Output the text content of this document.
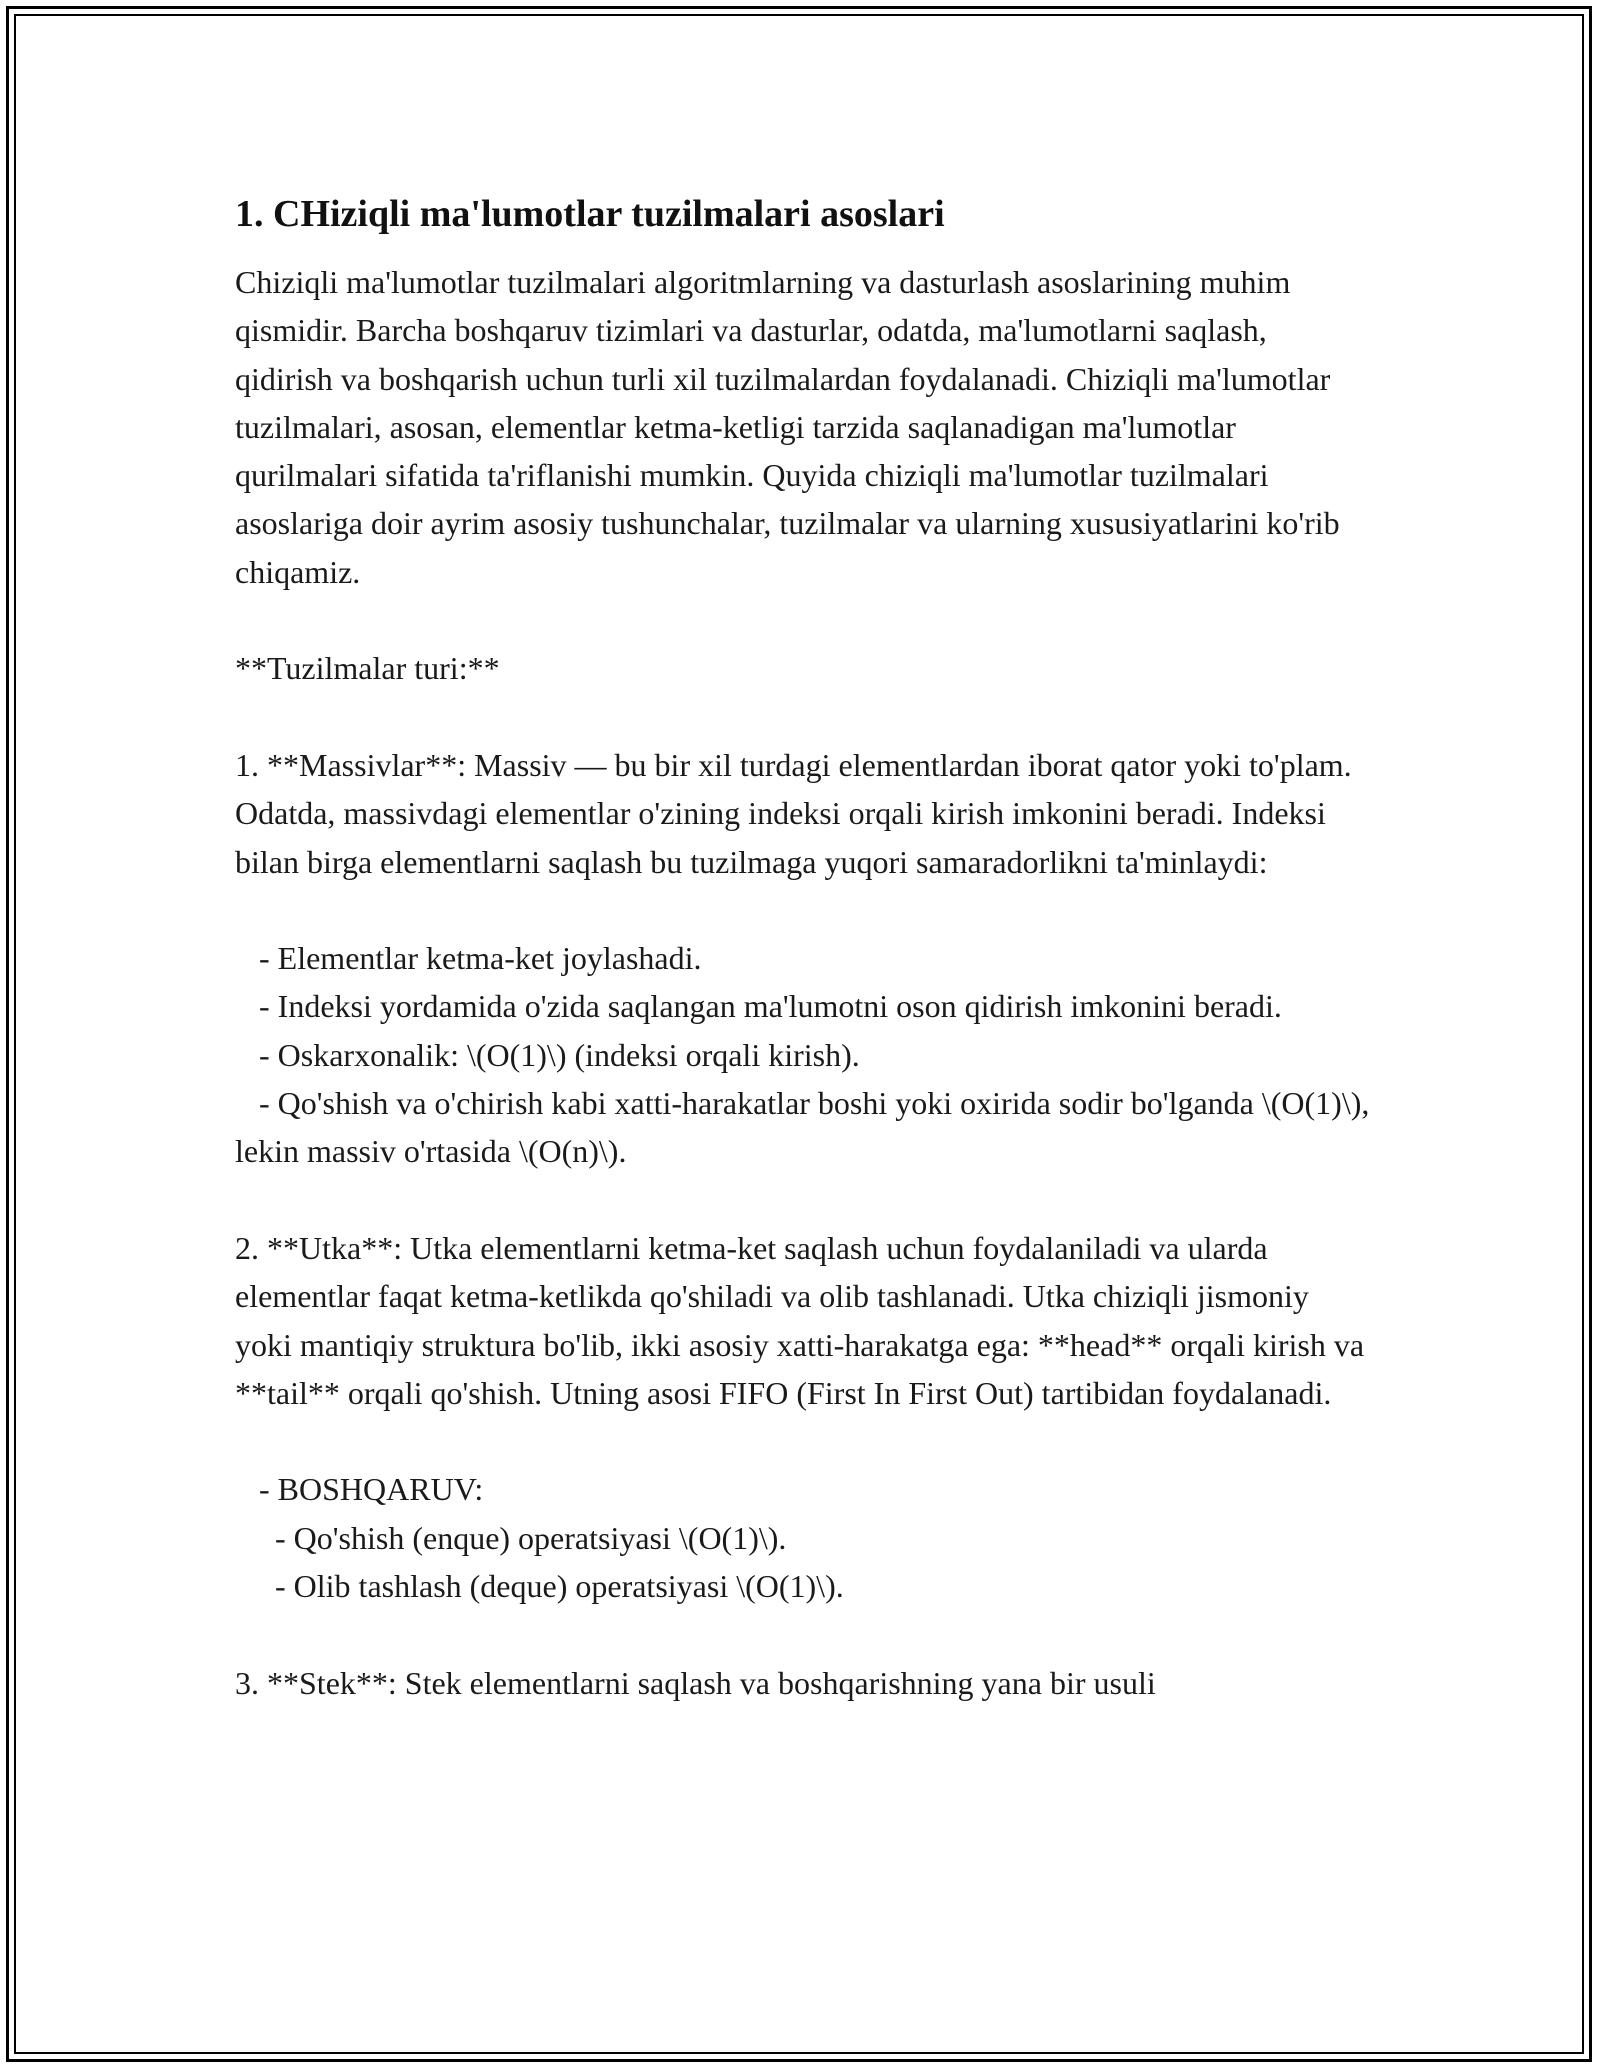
1. CHiziqli ma'lumotlar tuzilmalari asoslari

Chiziqli ma'lumotlar tuzilmalari algoritmlarning va dasturlash asoslarining muhim qismidir. Barcha boshqaruv tizimlari va dasturlar, odatda, ma'lumotlarni saqlash, qidirish va boshqarish uchun turli xil tuzilmalardan foydalanadi. Chiziqli ma'lumotlar tuzilmalari, asosan, elementlar ketma-ketligi tarzida saqlanadigan ma'lumotlar qurilmalari sifatida ta'riflanishi mumkin. Quyida chiziqli ma'lumotlar tuzilmalari asoslariga doir ayrim asosiy tushunchalar, tuzilmalar va ularning xususiyatlarini ko'rib chiqamiz.

**Tuzilmalar turi:**

1. **Massivlar**: Massiv — bu bir xil turdagi elementlardan iborat qator yoki to'plam. Odatda, massivdagi elementlar o'zining indeksi orqali kirish imkonini beradi. Indeksi bilan birga elementlarni saqlash bu tuzilmaga yuqori samaradorlikni ta'minlaydi:

- Elementlar ketma-ket joylashadi.

- Indeksi yordamida o'zida saqlangan ma'lumotni oson qidirish imkonini beradi.

- Oskarxonalik: \(O(1)\) (indeksi orqali kirish).

- Qo'shish va o'chirish kabi xatti-harakatlar boshi yoki oxirida sodir bo'lganda \(O(1)\), lekin massiv o'rtasida \(O(n)\).

2. **Utka**: Utka elementlarni ketma-ket saqlash uchun foydalaniladi va ularda elementlar faqat ketma-ketlikda qo'shiladi va olib tashlanadi. Utka chiziqli jismoniy yoki mantiqiy struktura bo'lib, ikki asosiy xatti-harakatga ega: **head** orqali kirish va **tail** orqali qo'shish. Utning asosi FIFO (First In First Out) tartibidan foydalanadi.

- BOSHQARUV:

- Qo'shish (enque) operatsiyasi \(O(1)\).

- Olib tashlash (deque) operatsiyasi \(O(1)\).

3. **Stek**: Stek elementlarni saqlash va boshqarishning yana bir usuli
